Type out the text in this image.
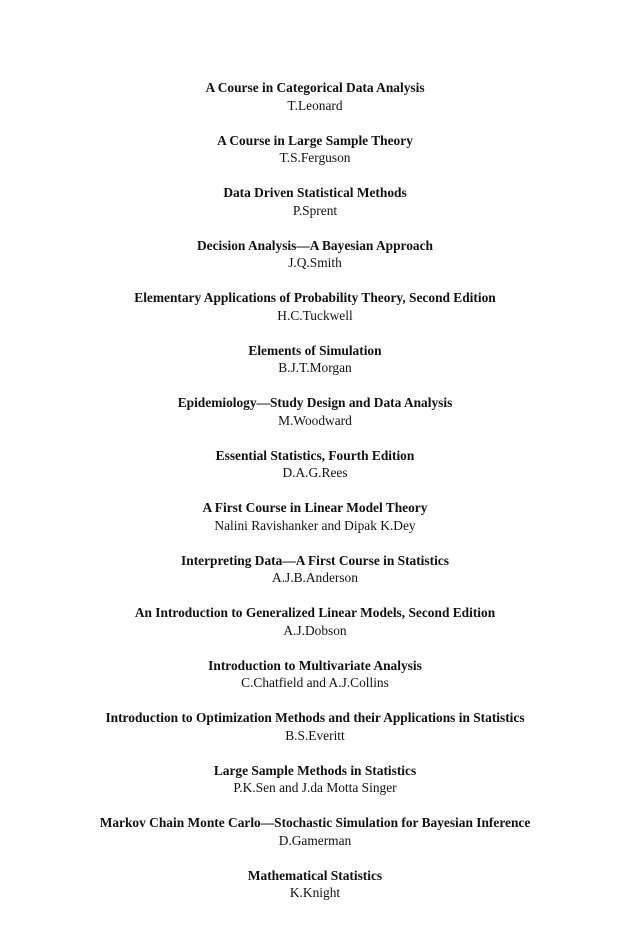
A Course in Categorical Data Analysis
T.Leonard
A Course in Large Sample Theory
T.S.Ferguson
Data Driven Statistical Methods
P.Sprent
Decision Analysis—A Bayesian Approach
J.Q.Smith
Elementary Applications of Probability Theory, Second Edition
H.C.Tuckwell
Elements of Simulation
B.J.T.Morgan
Epidemiology—Study Design and Data Analysis
M.Woodward
Essential Statistics, Fourth Edition
D.A.G.Rees
A First Course in Linear Model Theory
Nalini Ravishanker and Dipak K.Dey
Interpreting Data—A First Course in Statistics
A.J.B.Anderson
An Introduction to Generalized Linear Models, Second Edition
A.J.Dobson
Introduction to Multivariate Analysis
C.Chatfield and A.J.Collins
Introduction to Optimization Methods and their Applications in Statistics
B.S.Everitt
Large Sample Methods in Statistics
P.K.Sen and J.da Motta Singer
Markov Chain Monte Carlo—Stochastic Simulation for Bayesian Inference
D.Gamerman
Mathematical Statistics
K.Knight
